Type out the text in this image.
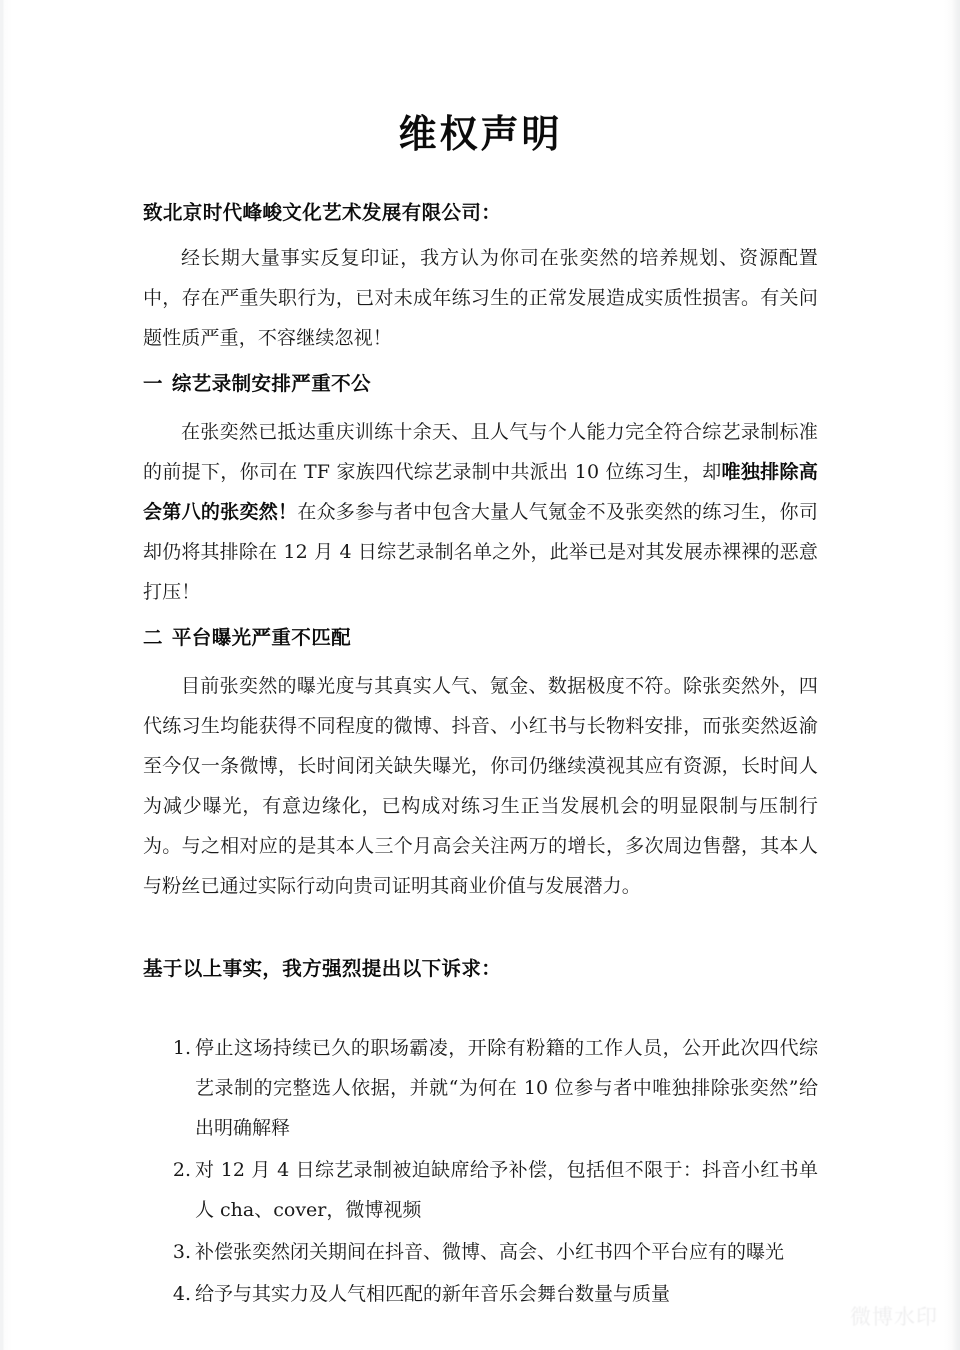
维权声明

致北京时代峰峻文化艺术发展有限公司：

经长期大量事实反复印证，我方认为你司在张奕然的培养规划、资源配置中，存在严重失职行为，已对未成年练习生的正常发展造成实质性损害。有关问题性质严重，不容继续忽视！

一 综艺录制安排严重不公

在张奕然已抵达重庆训练十余天、且人气与个人能力完全符合综艺录制标准的前提下，你司在 TF 家族四代综艺录制中共派出 10 位练习生，却唯独排除高会第八的张奕然！在众多参与者中包含大量人气氪金不及张奕然的练习生，你司却仍将其排除在 12 月 4 日综艺录制名单之外，此举已是对其发展赤裸裸的恶意打压！

二 平台曝光严重不匹配

目前张奕然的曝光度与其真实人气、氪金、数据极度不符。除张奕然外，四代练习生均能获得不同程度的微博、抖音、小红书与长物料安排，而张奕然返渝至今仅一条微博，长时间闭关缺失曝光，你司仍继续漠视其应有资源，长时间人为减少曝光，有意边缘化，已构成对练习生正当发展机会的明显限制与压制行为。与之相对应的是其本人三个月高会关注两万的增长，多次周边售罄，其本人与粉丝已通过实际行动向贵司证明其商业价值与发展潜力。

基于以上事实，我方强烈提出以下诉求：

1. 停止这场持续已久的职场霸凌，开除有粉籍的工作人员，公开此次四代综艺录制的完整选人依据，并就“为何在 10 位参与者中唯独排除张奕然”给出明确解释
2. 对 12 月 4 日综艺录制被迫缺席给予补偿，包括但不限于：抖音小红书单人 cha、cover，微博视频
3. 补偿张奕然闭关期间在抖音、微博、高会、小红书四个平台应有的曝光
4. 给予与其实力及人气相匹配的新年音乐会舞台数量与质量
微博水印
